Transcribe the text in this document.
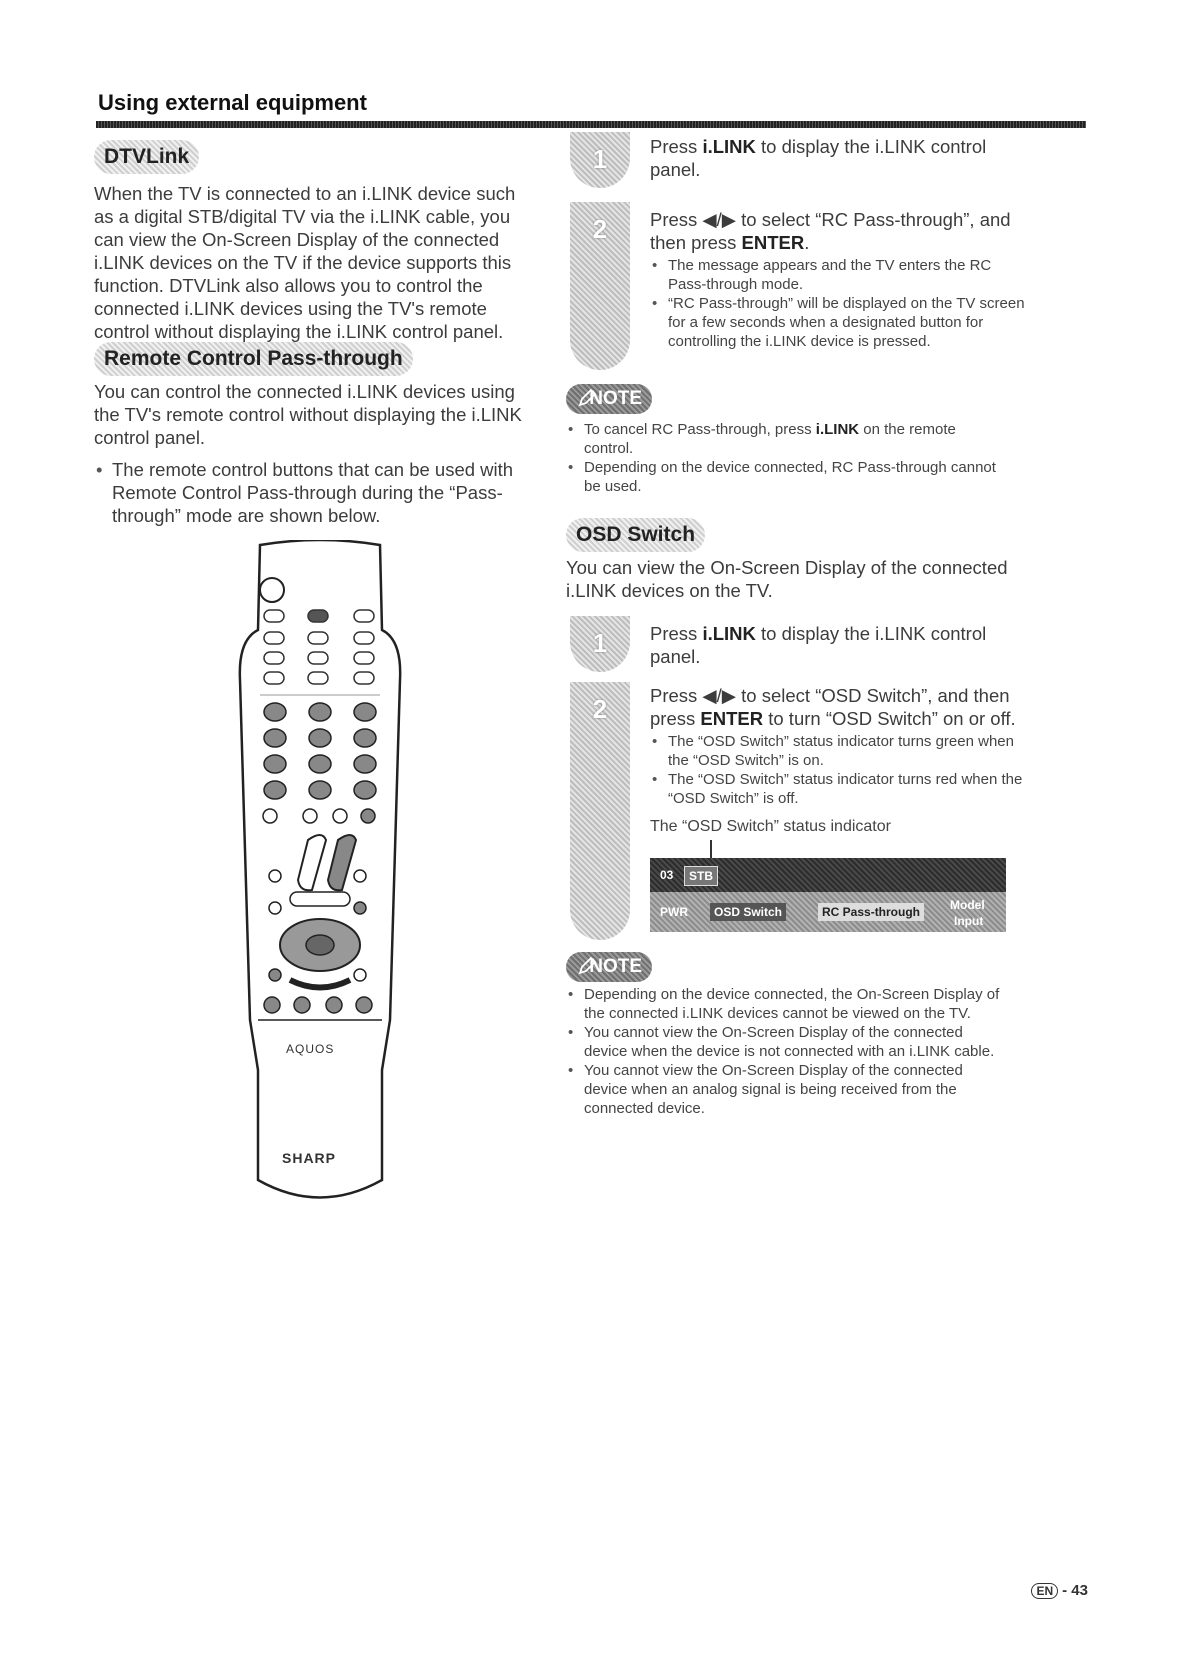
Using external equipment
DTVLink

When the TV is connected to an i.LINK device such as a digital STB/digital TV via the i.LINK cable, you can view the On-Screen Display of the connected i.LINK devices on the TV if the device supports this function. DTVLink also allows you to control the connected i.LINK devices using the TV's remote control without displaying the i.LINK control panel.

Remote Control Pass-through

You can control the connected i.LINK devices using the TV's remote control without displaying the i.LINK control panel.

• The remote control buttons that can be used with Remote Control Pass-through during the “Pass-through” mode are shown below.
AQUOS
SHARP
1	Press i.LINK to display the i.LINK control panel.

2	Press ◀/▶ to select “RC Pass-through”, and then press ENTER.

• The message appears and the TV enters the RC Pass-through mode.
• “RC Pass-through” will be displayed on the TV screen for a few seconds when a designated button for controlling the i.LINK device is pressed.
NOTE
• To cancel RC Pass-through, press i.LINK on the remote control.
• Depending on the device connected, RC Pass-through cannot be used.
OSD Switch

You can view the On-Screen Display of the connected i.LINK devices on the TV.

1	Press i.LINK to display the i.LINK control panel.

2	Press ◀/▶ to select “OSD Switch”, and then press ENTER to turn “OSD Switch” on or off.

• The “OSD Switch” status indicator turns green when the “OSD Switch” is on.
• The “OSD Switch” status indicator turns red when the “OSD Switch” is off.

The “OSD Switch” status indicator

03	STB
PWR	OSD Switch	RC Pass-through	Model
Input
NOTE
• Depending on the device connected, the On-Screen Display of the connected i.LINK devices cannot be viewed on the TV.
• You cannot view the On-Screen Display of the connected device when the device is not connected with an i.LINK cable.
• You cannot view the On-Screen Display of the connected device when an analog signal is being received from the connected device.
EN - 43
